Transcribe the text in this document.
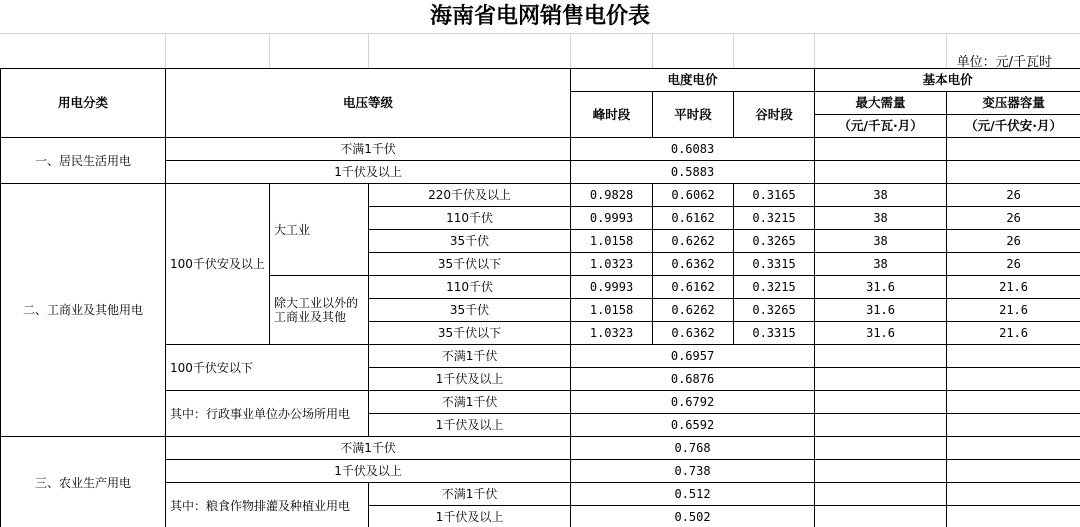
海南省电网销售电价表
单位：元/千瓦时
用电分类	电压等级			电度电价			基本电价	
				峰时段	平时段	谷时段	最大需量	变压器容量
							（元/千瓦·月）	（元/千伏安·月）
一、居民生活用电	不满1千伏			0.6083				
	1千伏及以上			0.5883				
二、工商业及其他用电	100千伏安及以上	大工业	220千伏及以上	0.9828	0.6062	0.3165	38	26
			110千伏	0.9993	0.6162	0.3215	38	26
			35千伏	1.0158	0.6262	0.3265	38	26
			35千伏以下	1.0323	0.6362	0.3315	38	26
		除大工业以外的工商业及其他	110千伏	0.9993	0.6162	0.3215	31.6	21.6
			35千伏	1.0158	0.6262	0.3265	31.6	21.6
			35千伏以下	1.0323	0.6362	0.3315	31.6	21.6
	100千伏安以下		不满1千伏	0.6957				
			1千伏及以上	0.6876				
	其中：行政事业单位办公场所用电		不满1千伏	0.6792				
			1千伏及以上	0.6592				
三、农业生产用电	不满1千伏			0.768				
	1千伏及以上			0.738				
	其中：粮食作物排灌及种植业用电		不满1千伏	0.512				
			1千伏及以上	0.502				
